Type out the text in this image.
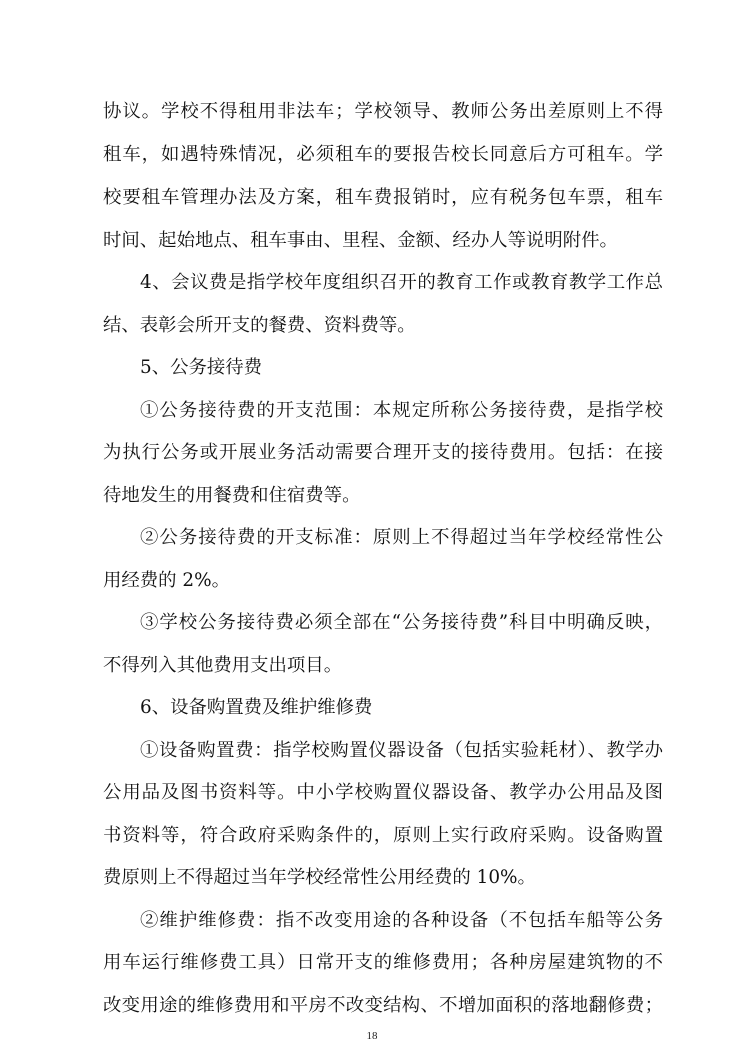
协议。学校不得租用非法车；学校领导、教师公务出差原则上不得
租车，如遇特殊情况，必须租车的要报告校长同意后方可租车。学
校要租车管理办法及方案，租车费报销时，应有税务包车票，租车
时间、起始地点、租车事由、里程、金额、经办人等说明附件。
4、会议费是指学校年度组织召开的教育工作或教育教学工作总
结、表彰会所开支的餐费、资料费等。
5、公务接待费
①公务接待费的开支范围：本规定所称公务接待费，是指学校
为执行公务或开展业务活动需要合理开支的接待费用。包括：在接
待地发生的用餐费和住宿费等。
②公务接待费的开支标准：原则上不得超过当年学校经常性公
用经费的 2%。
③学校公务接待费必须全部在“公务接待费”科目中明确反映，
不得列入其他费用支出项目。
6、设备购置费及维护维修费
①设备购置费：指学校购置仪器设备（包括实验耗材）、教学办
公用品及图书资料等。中小学校购置仪器设备、教学办公用品及图
书资料等，符合政府采购条件的，原则上实行政府采购。设备购置
费原则上不得超过当年学校经常性公用经费的 10%。
②维护维修费：指不改变用途的各种设备（不包括车船等公务
用车运行维修费工具）日常开支的维修费用；各种房屋建筑物的不
改变用途的维修费用和平房不改变结构、不增加面积的落地翻修费；
18
